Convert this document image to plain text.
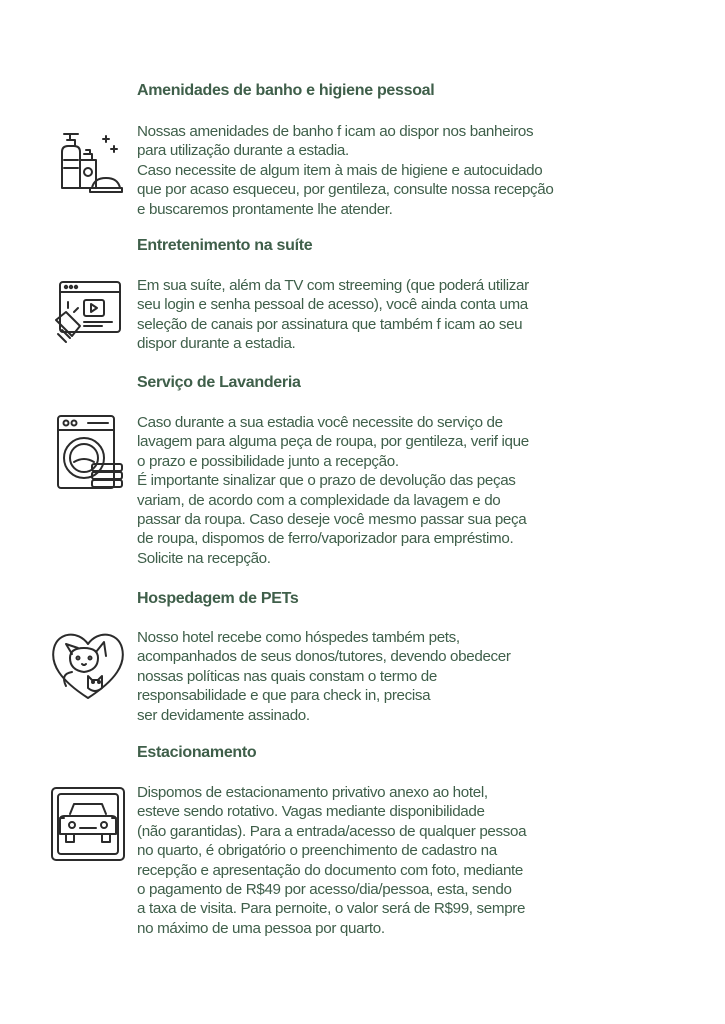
Amenidades de banho e higiene pessoal

Nossas amenidades de banho f icam ao dispor nos banheiros
para utilização durante a estadia.
Caso necessite de algum item à mais de higiene e autocuidado
que por acaso esqueceu, por gentileza, consulte nossa recepção
e buscaremos prontamente lhe atender.

Entretenimento na suíte

Em sua suíte, além da TV com streeming (que poderá utilizar
seu login e senha pessoal de acesso), você ainda conta uma
seleção de canais por assinatura que também f icam ao seu
dispor durante a estadia.

Serviço de Lavanderia

Caso durante a sua estadia você necessite do serviço de
lavagem para alguma peça de roupa, por gentileza, verif ique
o prazo e possibilidade junto a recepção.
É importante sinalizar que o prazo de devolução das peças
variam, de acordo com a complexidade da lavagem e do
passar da roupa. Caso deseje você mesmo passar sua peça
de roupa, dispomos de ferro/vaporizador para empréstimo.
Solicite na recepção.

Hospedagem de PETs

Nosso hotel recebe como hóspedes também pets,
acompanhados de seus donos/tutores, devendo obedecer
nossas políticas nas quais constam o termo de
responsabilidade e que para check in, precisa
ser devidamente assinado.

Estacionamento

Dispomos de estacionamento privativo anexo ao hotel,
esteve sendo rotativo. Vagas mediante disponibilidade
(não garantidas). Para a entrada/acesso de qualquer pessoa
no quarto, é obrigatório o preenchimento de cadastro na
recepção e apresentação do documento com foto, mediante
o pagamento de R$49 por acesso/dia/pessoa, esta, sendo
a taxa de visita. Para pernoite, o valor será de R$99, sempre
no máximo de uma pessoa por quarto.
